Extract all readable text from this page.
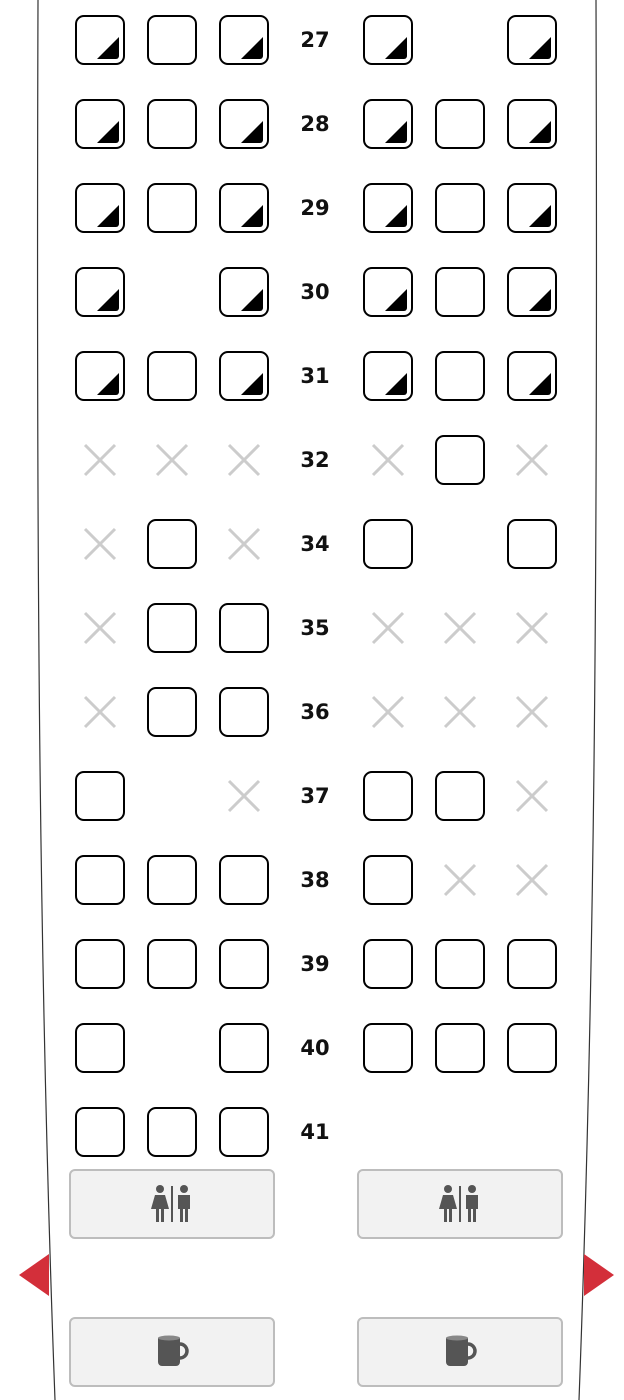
27
28
29
30
31
32
34
35
36
37
38
39
40
41
